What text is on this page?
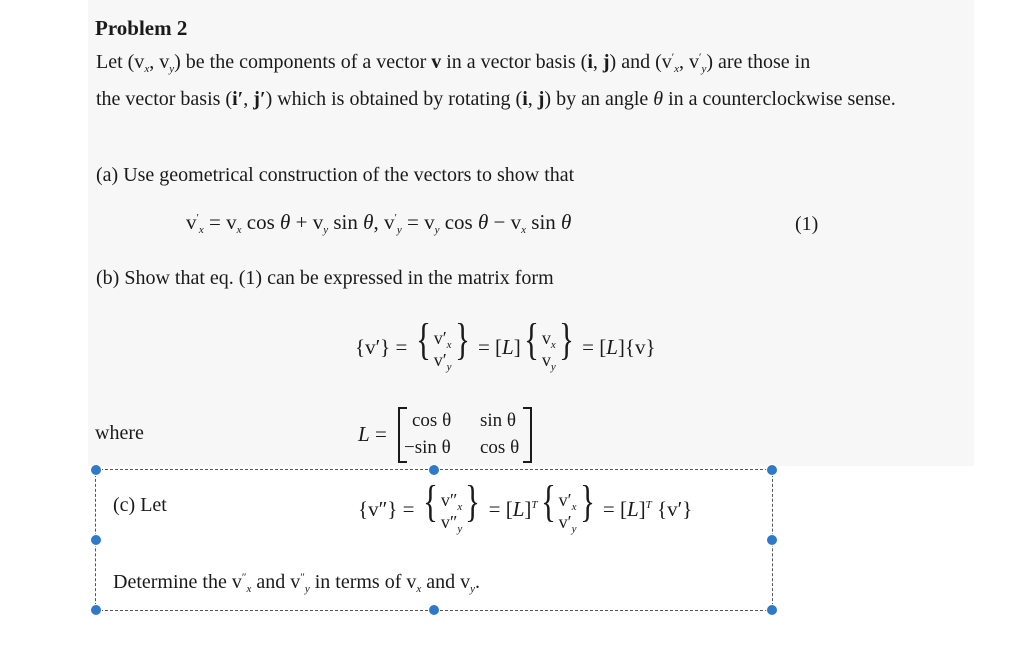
Problem 2
Let ($v_x$, $v_y$) be the components of a vector v in a vector basis (i, j) and ($v'_x$, $v'_y$) are those in
the vector basis (i′, j′) which is obtained by rotating (i, j) by an angle θ in a counterclockwise sense.
(a) Use geometrical construction of the vectors to show that
$v'_x = v_x$ $\cos \theta + v_y$ sin θ, $v'_y = v_y$ $\cos \theta - v_x$ sin θ	(1)
(b) Show that eq. (1) can be expressed in the matrix form
{v′} = { $v'_x$
$v'_y$
} = [L]{ $v_x$
$v_y$
} = [L]{v}
where	L =
cos θ sin θ
−sin θ cos θ
(c) Let	{v″} = { $v''_x$
$v''_y$
} = $[L]^T${ $v'_x$
$v'_y$
} = $[L]^T$ {v′}
Determine the $v''_x$ and $v''_y$ in terms of $v_x$ and $v_y$.
